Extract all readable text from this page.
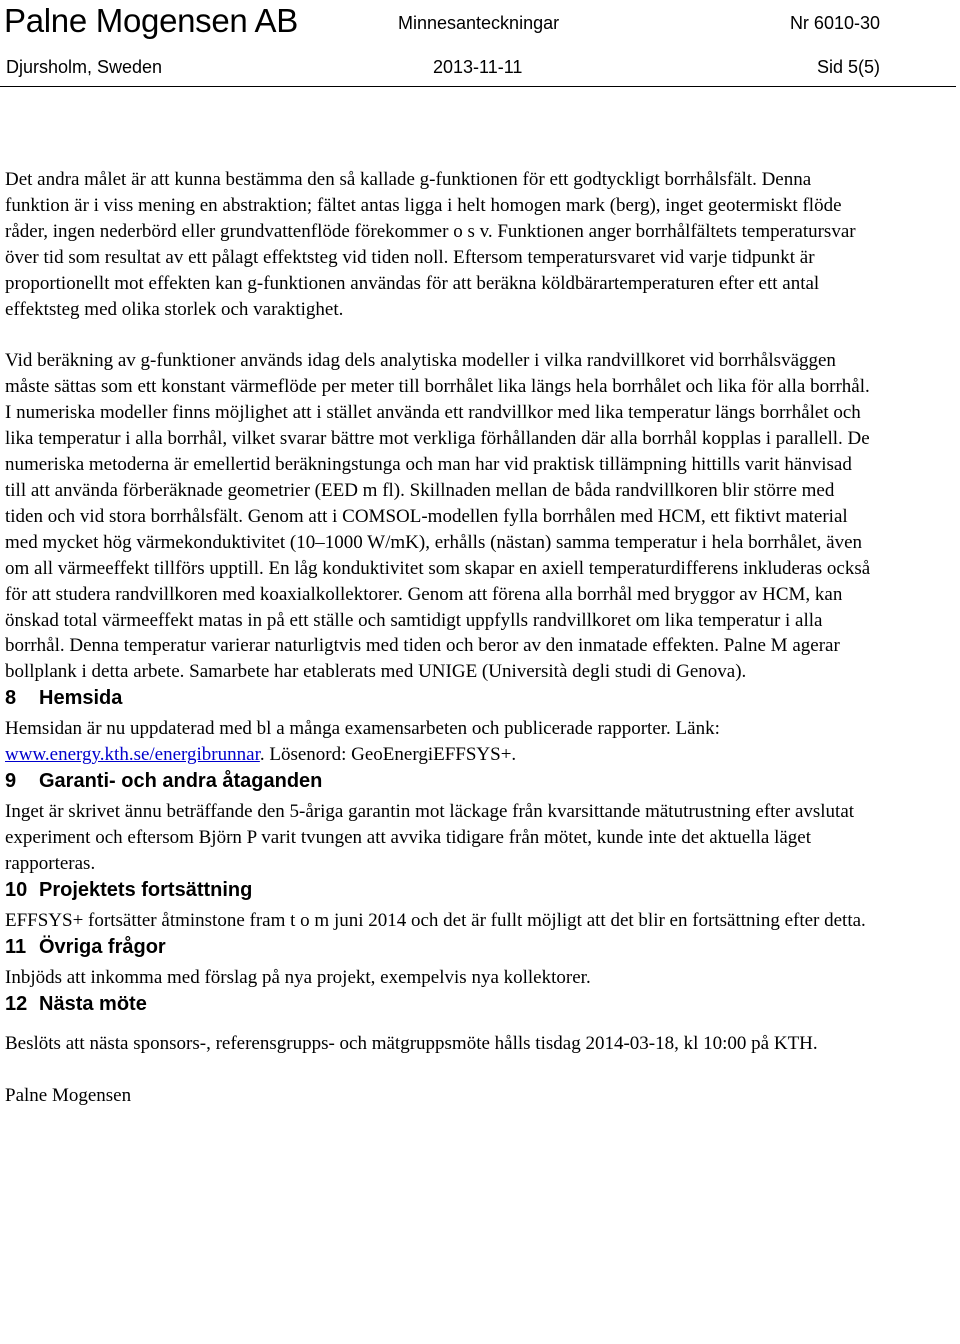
Palne Mogensen AB	Minnesanteckningar	Nr 6010-30
Djursholm, Sweden	2013-11-11	Sid 5(5)

Det andra målet är att kunna bestämma den så kallade g-funktionen för ett godtyckligt borrhålsfält. Denna funktion är i viss mening en abstraktion; fältet antas ligga i helt homogen mark (berg), inget geotermiskt flöde råder, ingen nederbörd eller grundvattenflöde förekommer o s v. Funktionen anger borrhålfältets temperatursvar över tid som resultat av ett pålagt effektsteg vid tiden noll. Eftersom temperatursvaret vid varje tidpunkt är proportionellt mot effekten kan g-funktionen användas för att beräkna köldbärartemperaturen efter ett antal effektsteg med olika storlek och varaktighet.

Vid beräkning av g-funktioner används idag dels analytiska modeller i vilka randvillkoret vid borrhålsväggen måste sättas som ett konstant värmeflöde per meter till borrhålet lika längs hela borrhålet och lika för alla borrhål. I numeriska modeller finns möjlighet att i stället använda ett randvillkor med lika temperatur längs borrhålet och lika temperatur i alla borrhål, vilket svarar bättre mot verkliga förhållanden där alla borrhål kopplas i parallell. De numeriska metoderna är emellertid beräkningstunga och man har vid praktisk tillämpning hittills varit hänvisad till att använda förberäknade geometrier (EED m fl). Skillnaden mellan de båda randvillkoren blir större med tiden och vid stora borrhålsfält. Genom att i COMSOL-modellen fylla borrhålen med HCM, ett fiktivt material med mycket hög värmekonduktivitet (10–1000 W/mK), erhålls (nästan) samma temperatur i hela borrhålet, även om all värmeeffekt tillförs upptill. En låg konduktivitet som skapar en axiell temperaturdifferens inkluderas också för att studera randvillkoren med koaxialkollektorer. Genom att förena alla borrhål med bryggor av HCM, kan önskad total värmeeffekt matas in på ett ställe och samtidigt uppfylls randvillkoret om lika temperatur i alla borrhål. Denna temperatur varierar naturligtvis med tiden och beror av den inmatade effekten. Palne M agerar bollplank i detta arbete. Samarbete har etablerats med UNIGE (Università degli studi di Genova).

8 Hemsida

Hemsidan är nu uppdaterad med bl a många examensarbeten och publicerade rapporter. Länk: www.energy.kth.se/energibrunnar. Lösenord: GeoEnergiEFFSYS+.

9 Garanti- och andra åtaganden

Inget är skrivet ännu beträffande den 5-åriga garantin mot läckage från kvarsittande mätutrustning efter avslutat experiment och eftersom Björn P varit tvungen att avvika tidigare från mötet, kunde inte det aktuella läget rapporteras.

10 Projektets fortsättning

EFFSYS+ fortsätter åtminstone fram t o m juni 2014 och det är fullt möjligt att det blir en fortsättning efter detta.

11 Övriga frågor

Inbjöds att inkomma med förslag på nya projekt, exempelvis nya kollektorer.

12 Nästa möte

Beslöts att nästa sponsors-, referensgrupps- och mätgruppsmöte hålls tisdag 2014-03-18, kl 10:00 på KTH.

Palne Mogensen
